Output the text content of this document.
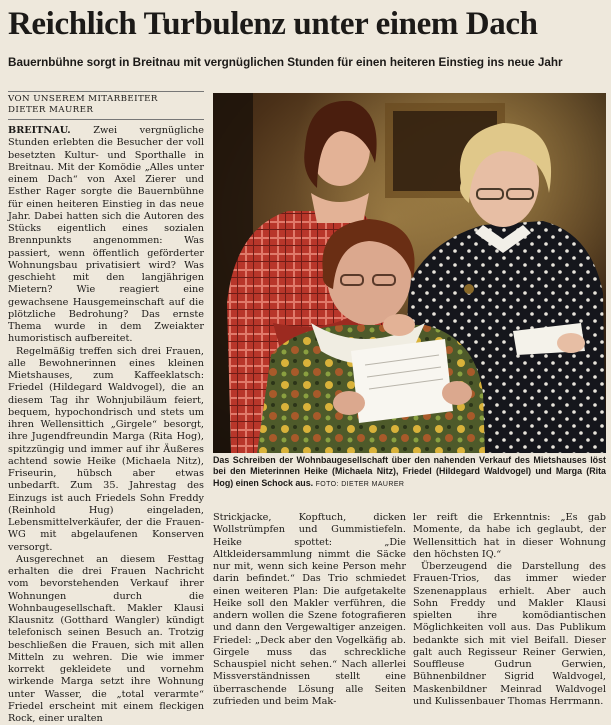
Reichlich Turbulenz unter einem Dach
Bauernbühne sorgt in Breitnau mit vergnüglichen Stunden für einen heiteren Einstieg ins neue Jahr
VON UNSEREM MITARBEITER
DIETER MAURER

BREITNAU. Zwei vergnügliche Stunden erlebten die Besucher der voll besetzten Kultur- und Sporthalle in Breitnau. Mit der Komödie „Alles unter einem Dach“ von Axel Zierer und Esther Rager sorgte die Bauernbühne für einen heiteren Einstieg in das neue Jahr. Dabei hatten sich die Autoren des Stücks eigentlich eines sozialen Brennpunkts angenommen: Was passiert, wenn öffentlich geförderter Wohnungsbau privatisiert wird? Was geschieht mit den langjährigen Mietern? Wie reagiert eine gewachsene Hausgemeinschaft auf die plötzliche Bedrohung? Das ernste Thema wurde in dem Zweiakter humoristisch aufbereitet.

Regelmäßig treffen sich drei Frauen, alle Bewohnerinnen eines kleinen Mietshauses, zum Kaffeeklatsch: Friedel (Hildegard Waldvogel), die an diesem Tag ihr Wohnjubiläum feiert, bequem, hypochondrisch und stets um ihren Wellensittich „Girgele“ besorgt, ihre Jugendfreundin Marga (Rita Hog), spitzzüngig und immer auf ihr Äußeres achtend sowie Heike (Michaela Nitz), Friseurin, hübsch aber etwas unbedarft. Zum 35. Jahrestag des Einzugs ist auch Friedels Sohn Freddy (Reinhold Hug) eingeladen, Lebensmittelverkäufer, der die Frauen-WG mit abgelaufenen Konserven versorgt.

Ausgerechnet an diesem Festtag erhalten die drei Frauen Nachricht vom bevorstehenden Verkauf ihrer Wohnungen durch die Wohnbaugesellschaft. Makler Klausi Klausnitz (Gotthard Wangler) kündigt telefonisch seinen Besuch an. Trotzig beschließen die Frauen, sich mit allen Mitteln zu wehren. Die wie immer korrekt gekleidete und vornehm wirkende Marga setzt ihre Wohnung unter Wasser, die „total verarmte“ Friedel erscheint mit einem fleckigen Rock, einer uralten

Das Schreiben der Wohnbaugesellschaft über den nahenden Verkauf des Mietshauses löst bei den Mieterinnen Heike (Michaela Nitz), Friedel (Hildegard Waldvogel) und Marga (Rita Hog) einen Schock aus. FOTO: DIETER MAURER

Strickjacke, Kopftuch, dicken Wollstrümpfen und Gummistiefeln. Heike spottet: „Die Altkleidersammlung nimmt die Säcke nur mit, wenn sich keine Person mehr darin befindet.“ Das Trio schmiedet einen weiteren Plan: Die aufgetakelte Heike soll den Makler verführen, die andern wollen die Szene fotografieren und dann den Vergewaltiger anzeigen. Friedel: „Deck aber den Vogelkäfig ab. Girgele muss das schreckliche Schauspiel nicht sehen.“ Nach allerlei Missverständnissen stellt eine überraschende Lösung alle Seiten zufrieden und beim Mak-

ler reift die Erkenntnis: „Es gab Momente, da habe ich geglaubt, der Wellensittich hat in dieser Wohnung den höchsten IQ.“

Überzeugend die Darstellung des Frauen-Trios, das immer wieder Szenenapplaus erhielt. Aber auch Sohn Freddy und Makler Klausi spielten ihre komödiantischen Möglichkeiten voll aus. Das Publikum bedankte sich mit viel Beifall. Dieser galt auch Regisseur Reiner Gerwien, Souffleuse Gudrun Gerwien, Bühnenbildner Sigrid Waldvogel, Maskenbildner Meinrad Waldvogel und Kulissenbauer Thomas Herrmann.
